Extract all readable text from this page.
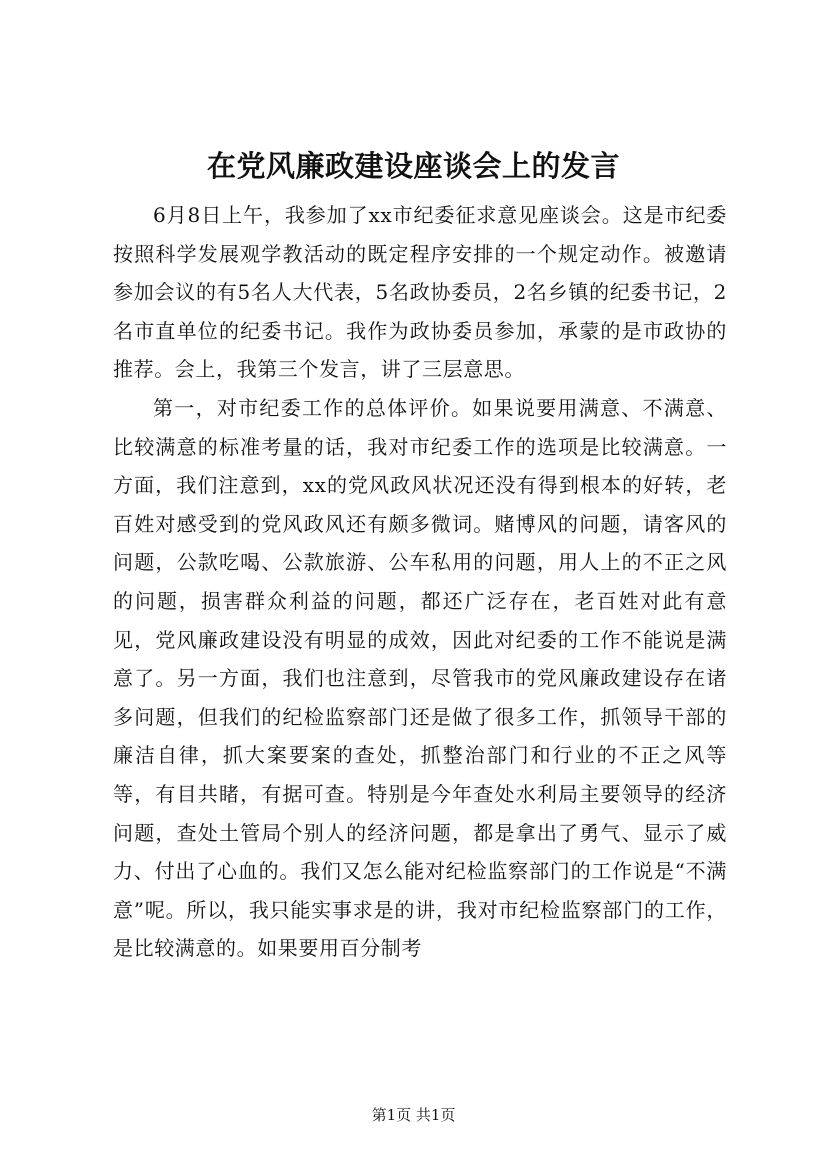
在党风廉政建设座谈会上的发言

6月8日上午，我参加了xx市纪委征求意见座谈会。这是市纪委按照科学发展观学教活动的既定程序安排的一个规定动作。被邀请参加会议的有5名人大代表，5名政协委员，2名乡镇的纪委书记，2名市直单位的纪委书记。我作为政协委员参加，承蒙的是市政协的推荐。会上，我第三个发言，讲了三层意思。

第一，对市纪委工作的总体评价。如果说要用满意、不满意、比较满意的标准考量的话，我对市纪委工作的选项是比较满意。一方面，我们注意到，xx的党风政风状况还没有得到根本的好转，老百姓对感受到的党风政风还有颇多微词。赌博风的问题，请客风的问题，公款吃喝、公款旅游、公车私用的问题，用人上的不正之风的问题，损害群众利益的问题，都还广泛存在，老百姓对此有意见，党风廉政建设没有明显的成效，因此对纪委的工作不能说是满意了。另一方面，我们也注意到，尽管我市的党风廉政建设存在诸多问题，但我们的纪检监察部门还是做了很多工作，抓领导干部的廉洁自律，抓大案要案的查处，抓整治部门和行业的不正之风等等，有目共睹，有据可查。特别是今年查处水利局主要领导的经济问题，查处土管局个别人的经济问题，都是拿出了勇气、显示了威力、付出了心血的。我们又怎么能对纪检监察部门的工作说是“不满意”呢。所以，我只能实事求是的讲，我对市纪检监察部门的工作，是比较满意的。如果要用百分制考

第1页 共1页
